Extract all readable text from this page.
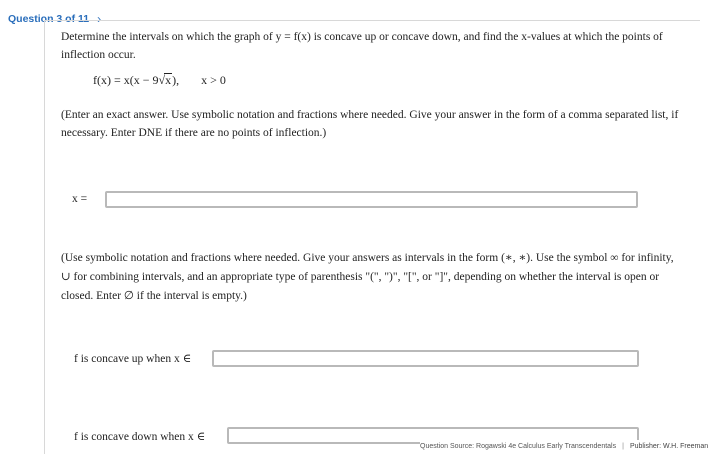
Question 3 of 11 ›
Determine the intervals on which the graph of y = f(x) is concave up or concave down, and find the x-values at which the points of inflection occur.
f(x) = x(x − 9√x), x > 0
(Enter an exact answer. Use symbolic notation and fractions where needed. Give your answer in the form of a comma separated list, if necessary. Enter DNE if there are no points of inflection.)
x =
(Use symbolic notation and fractions where needed. Give your answers as intervals in the form (∗, ∗). Use the symbol ∞ for infinity, ∪ for combining intervals, and an appropriate type of parenthesis "(", ")", "[", or "]", depending on whether the interval is open or closed. Enter ∅ if the interval is empty.)
f is concave up when x ∈
f is concave down when x ∈
Question Source: Rogawski 4e Calculus Early Transcendentals | Publisher: W.H. Freeman
